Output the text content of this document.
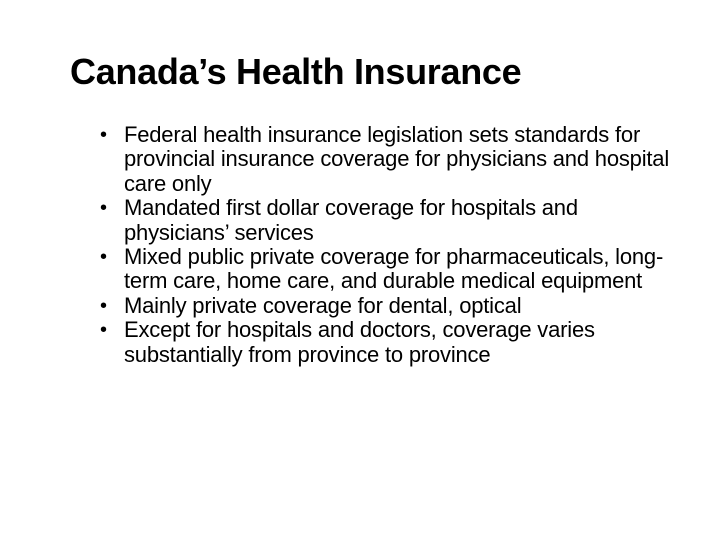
Canada’s Health Insurance
• Federal health insurance legislation sets standards for provincial insurance coverage for physicians and hospital care only
• Mandated first dollar coverage for hospitals and physicians’ services
• Mixed public private coverage for pharmaceuticals, long-term care, home care, and durable medical equipment
• Mainly private coverage for dental, optical
• Except for hospitals and doctors, coverage varies substantially from province to province
